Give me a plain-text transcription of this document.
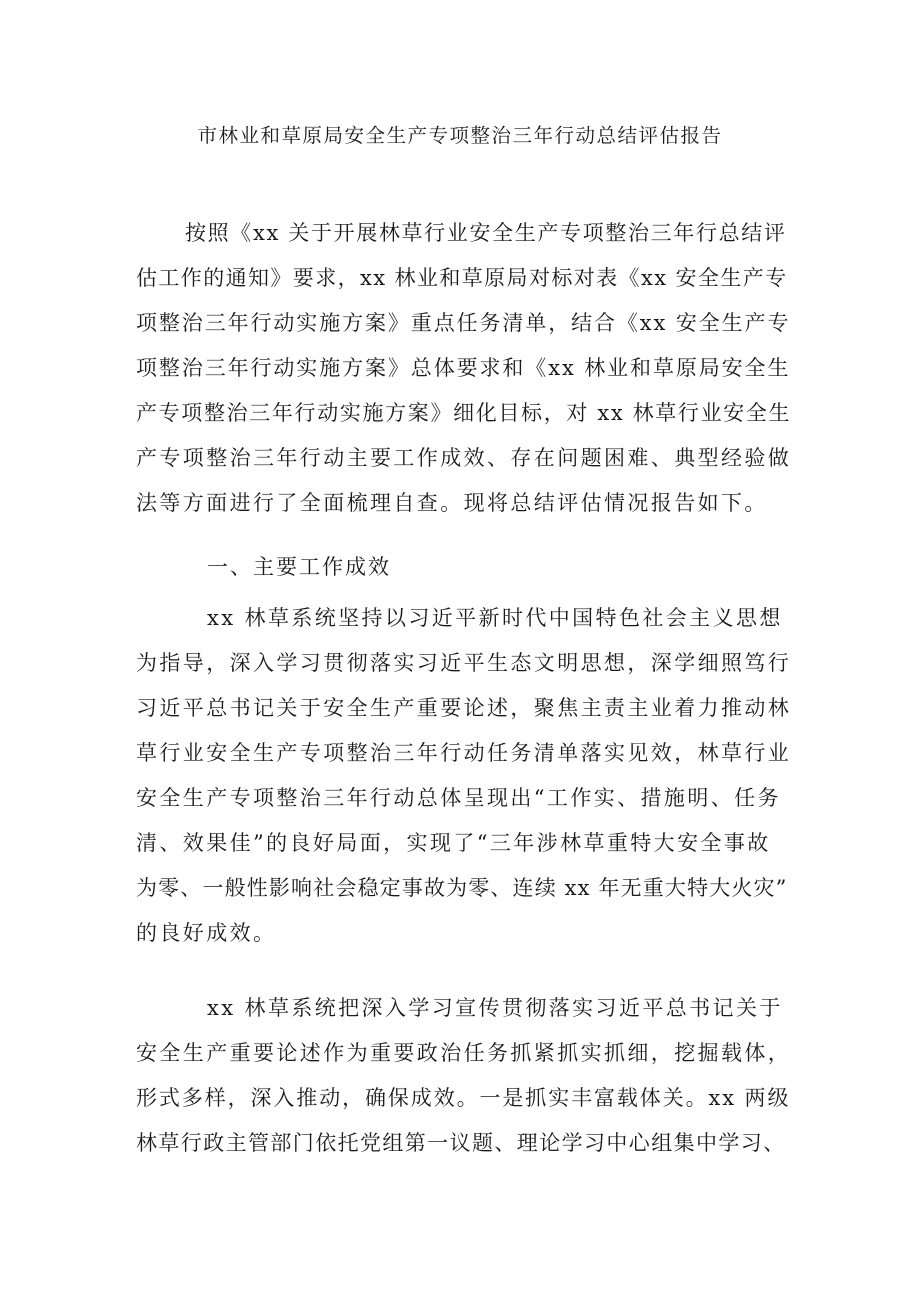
市林业和草原局安全生产专项整治三年行动总结评估报告
按照《xx 关于开展林草行业安全生产专项整治三年行总结评
估工作的通知》要求，xx 林业和草原局对标对表《xx 安全生产专
项整治三年行动实施方案》重点任务清单，结合《xx 安全生产专
项整治三年行动实施方案》总体要求和《xx 林业和草原局安全生
产专项整治三年行动实施方案》细化目标，对 xx 林草行业安全生
产专项整治三年行动主要工作成效、存在问题困难、典型经验做
法等方面进行了全面梳理自查。现将总结评估情况报告如下。
一、主要工作成效
xx 林草系统坚持以习近平新时代中国特色社会主义思想
为指导，深入学习贯彻落实习近平生态文明思想，深学细照笃行
习近平总书记关于安全生产重要论述，聚焦主责主业着力推动林
草行业安全生产专项整治三年行动任务清单落实见效，林草行业
安全生产专项整治三年行动总体呈现出“工作实、措施明、任务
清、效果佳”的良好局面，实现了“三年涉林草重特大安全事故
为零、一般性影响社会稳定事故为零、连续 xx 年无重大特大火灾”
的良好成效。
xx 林草系统把深入学习宣传贯彻落实习近平总书记关于
安全生产重要论述作为重要政治任务抓紧抓实抓细，挖掘载体，
形式多样，深入推动，确保成效。一是抓实丰富载体关。xx 两级
林草行政主管部门依托党组第一议题、理论学习中心组集中学习、
